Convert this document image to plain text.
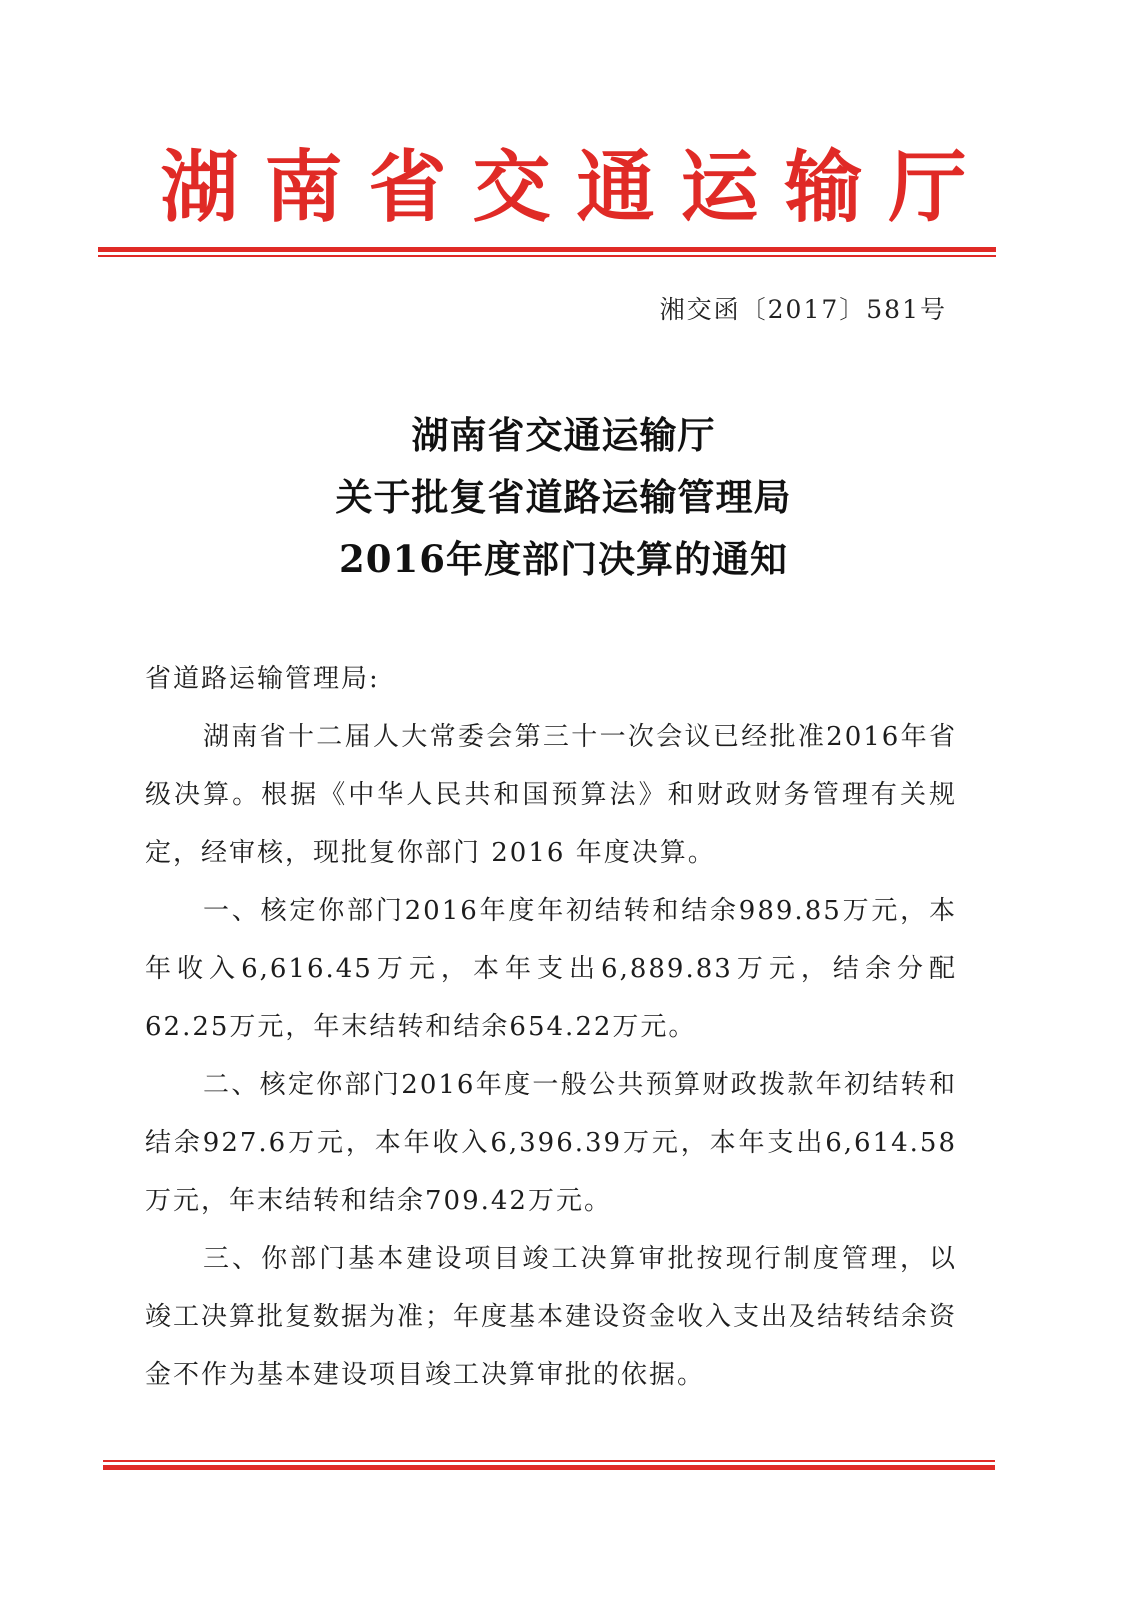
湖南省交通运输厅
湘交函〔2017〕581号
湖南省交通运输厅
关于批复省道路运输管理局
2016年度部门决算的通知

省道路运输管理局:

湖南省十二届人大常委会第三十一次会议已经批准2016年省级决算。根据《中华人民共和国预算法》和财政财务管理有关规定，经审核，现批复你部门 2016 年度决算。

一、核定你部门2016年度年初结转和结余989.85万元，本年收入6,616.45万元，本年支出6,889.83万元，结余分配62.25万元，年末结转和结余654.22万元。

二、核定你部门2016年度一般公共预算财政拨款年初结转和结余927.6万元，本年收入6,396.39万元，本年支出6,614.58万元，年末结转和结余709.42万元。

三、你部门基本建设项目竣工决算审批按现行制度管理，以竣工决算批复数据为准；年度基本建设资金收入支出及结转结余资金不作为基本建设项目竣工决算审批的依据。
